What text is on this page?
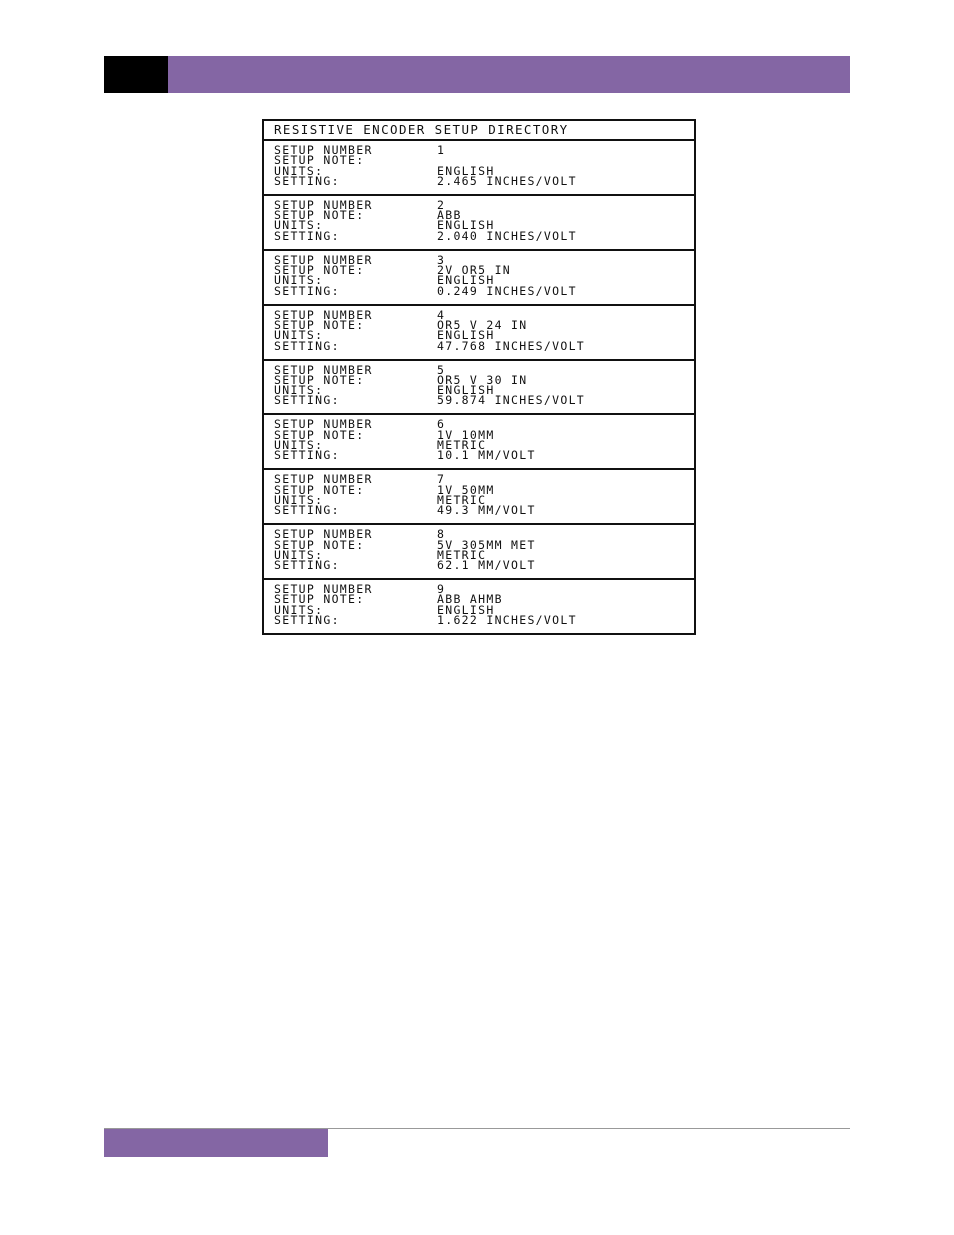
RESISTIVE ENCODER SETUP DIRECTORY
SETUP NUMBER	1
SETUP NOTE:
UNITS:	ENGLISH
SETTING:	2.465 INCHES/VOLT
SETUP NUMBER	2
SETUP NOTE:	ABB
UNITS:	ENGLISH
SETTING:	2.040 INCHES/VOLT
SETUP NUMBER	3
SETUP NOTE:	2V OR5 IN
UNITS:	ENGLISH
SETTING:	0.249 INCHES/VOLT
SETUP NUMBER	4
SETUP NOTE:	OR5 V 24 IN
UNITS:	ENGLISH
SETTING:	47.768 INCHES/VOLT
SETUP NUMBER	5
SETUP NOTE:	OR5 V 30 IN
UNITS:	ENGLISH
SETTING:	59.874 INCHES/VOLT
SETUP NUMBER	6
SETUP NOTE:	1V 10MM
UNITS:	METRIC
SETTING:	10.1 MM/VOLT
SETUP NUMBER	7
SETUP NOTE:	1V 50MM
UNITS:	METRIC
SETTING:	49.3 MM/VOLT
SETUP NUMBER	8
SETUP NOTE:	5V 305MM MET
UNITS:	METRIC
SETTING:	62.1 MM/VOLT
SETUP NUMBER	9
SETUP NOTE:	ABB AHMB
UNITS:	ENGLISH
SETTING:	1.622 INCHES/VOLT
